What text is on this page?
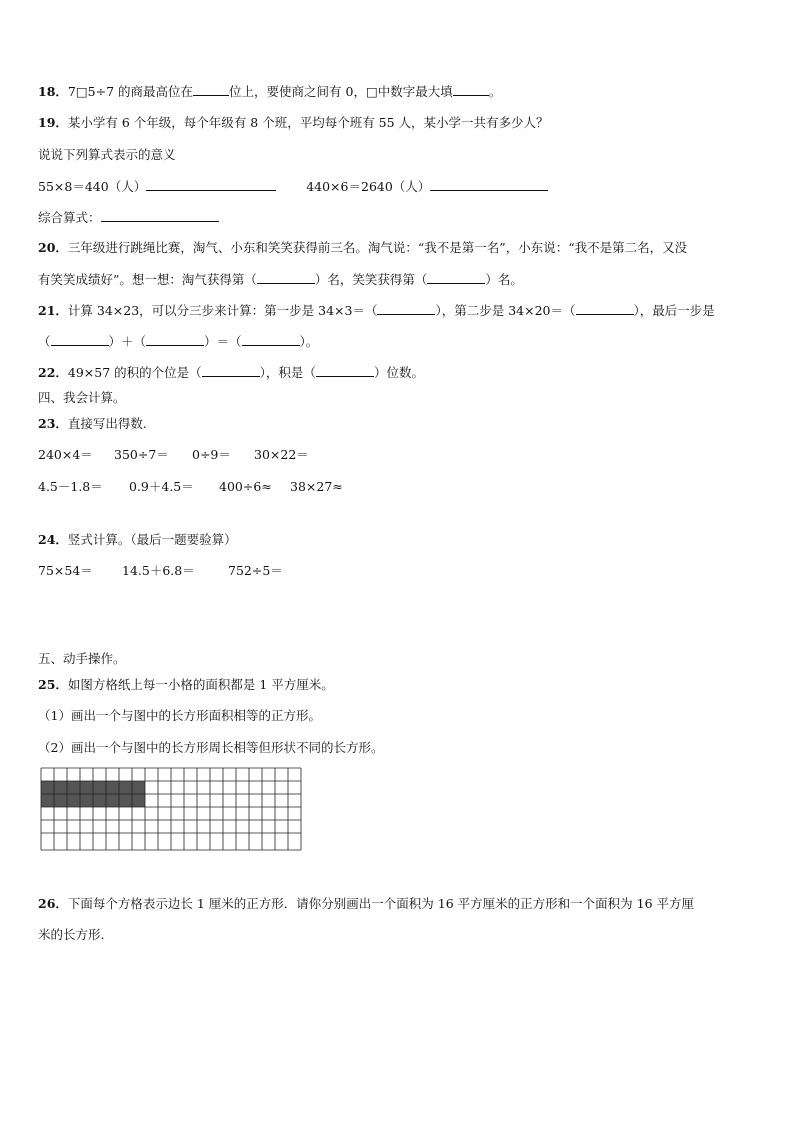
18．7□5÷7 的商最高位在	位上，要使商之间有 0，□中数字最大填	。
19．某小学有 6 个年级，每个年级有 8 个班，平均每个班有 55 人，某小学一共有多少人？
说说下列算式表示的意义
55×8＝440（人）	440×6＝2640（人）
综合算式：
20．三年级进行跳绳比赛，淘气、小东和笑笑获得前三名。淘气说：“我不是第一名”，小东说：“我不是第二名，又没
有笑笑成绩好”。想一想：淘气获得第（	）名，笑笑获得第（	）名。
21．计算 34×23，可以分三步来计算：第一步是 34×3＝（	），第二步是 34×20＝（	），最后一步是
（	）＋（	）＝（	）。
22．49×57 的积的个位是（	），积是（	）位数。
四、我会计算。
23．直接写出得数.
240×4＝ 350÷7＝ 0÷9＝ 30×22＝
4.5－1.8＝ 0.9＋4.5＝ 400÷6≈ 38×27≈
24．竖式计算。（最后一题要验算）
75×54＝ 14.5＋6.8＝	752÷5＝
五、动手操作。
25．如图方格纸上每一小格的面积都是 1 平方厘米。
（1）画出一个与图中的长方形面积相等的正方形。
（2）画出一个与图中的长方形周长相等但形状不同的长方形。
26．下面每个方格表示边长 1 厘米的正方形．请你分别画出一个面积为 16 平方厘米的正方形和一个面积为 16 平方厘
米的长方形.
